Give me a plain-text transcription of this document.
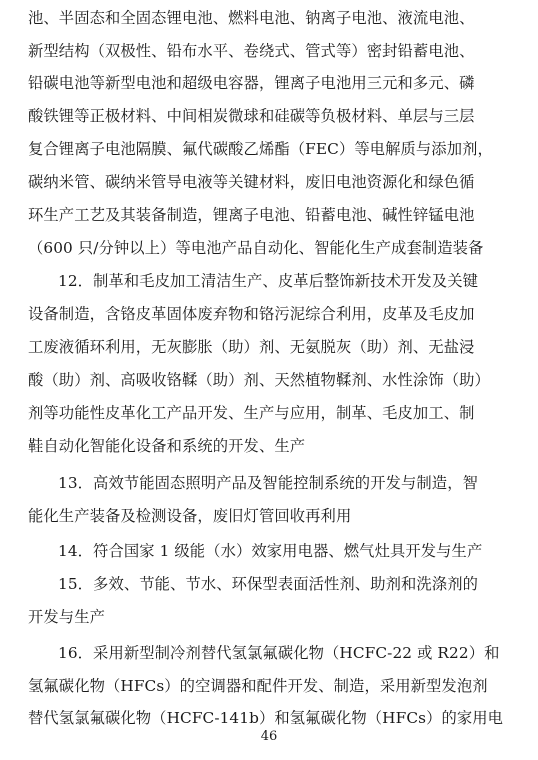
池、半固态和全固态锂电池、燃料电池、钠离子电池、液流电池、
新型结构（双极性、铅布水平、卷绕式、管式等）密封铅蓄电池、
铅碳电池等新型电池和超级电容器，锂离子电池用三元和多元、磷
酸铁锂等正极材料、中间相炭微球和硅碳等负极材料、单层与三层
复合锂离子电池隔膜、氟代碳酸乙烯酯（FEC）等电解质与添加剂，
碳纳米管、碳纳米管导电液等关键材料，废旧电池资源化和绿色循
环生产工艺及其装备制造，锂离子电池、铅蓄电池、碱性锌锰电池
（600 只/分钟以上）等电池产品自动化、智能化生产成套制造装备
12．制革和毛皮加工清洁生产、皮革后整饰新技术开发及关键
设备制造，含铬皮革固体废弃物和铬污泥综合利用，皮革及毛皮加
工废液循环利用，无灰膨胀（助）剂、无氨脱灰（助）剂、无盐浸
酸（助）剂、高吸收铬鞣（助）剂、天然植物鞣剂、水性涂饰（助）
剂等功能性皮革化工产品开发、生产与应用，制革、毛皮加工、制
鞋自动化智能化设备和系统的开发、生产
13．高效节能固态照明产品及智能控制系统的开发与制造，智
能化生产装备及检测设备，废旧灯管回收再利用
14．符合国家 1 级能（水）效家用电器、燃气灶具开发与生产
15．多效、节能、节水、环保型表面活性剂、助剂和洗涤剂的
开发与生产
16．采用新型制冷剂替代氢氯氟碳化物（HCFC-22 或 R22）和
氢氟碳化物（HFCs）的空调器和配件开发、制造，采用新型发泡剂
替代氢氯氟碳化物（HCFC-141b）和氢氟碳化物（HFCs）的家用电
46
